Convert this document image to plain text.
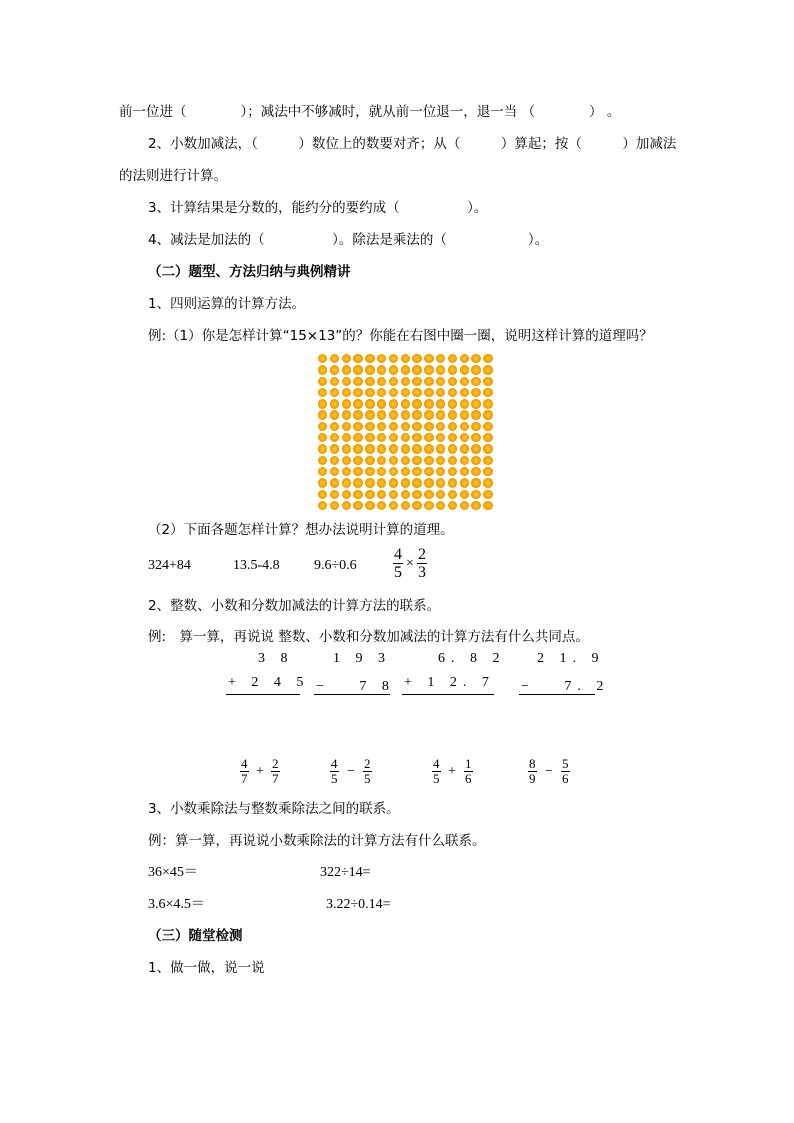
前一位进（　　　　）；减法中不够减时，就从前一位退一，退一当 （　　　　） 。
2、小数加减法，（　　　）数位上的数要对齐；从（　　　）算起；按（　　　）加减法
的法则进行计算。
3、计算结果是分数的，能约分的要约成（　　　　　）。
4、减法是加法的（　　　　　）。除法是乘法的（　　　　　　）。
（二）题型、方法归纳与典例精讲
1、四则运算的计算方法。
例:（1）你是怎样计算“15×13”的？你能在右图中圈一圈，说明这样计算的道理吗？
（2）下面各题怎样计算？想办法说明计算的道理。
324+84	13.5-4.8 $9.6\div 0.6 \frac{4}{5} \times \frac{2}{3}$
2、整数、小数和分数加减法的计算方法的联系。
例:　算一算，再说说 整数、小数和分数加减法的计算方法有什么共同点。
3 8
+ 2 4 5
1 9 3
−　 7 8
6. 8 2
+ 1 2. 7
2 1. 9
−　 7. 2
$\frac{4}{7} + \frac{2}{7}$	$\frac{4}{5} - \frac{2}{5}$	$\frac{4}{5} + \frac{1}{6}$	$\frac{8}{9} - \frac{5}{6}$
3、小数乘除法与整数乘除法之间的联系。
例：算一算，再说说小数乘除法的计算方法有什么联系。
36×45＝	322÷14=
3.6×4.5＝	3.22÷0.14=
（三）随堂检测
1、做一做，说一说
